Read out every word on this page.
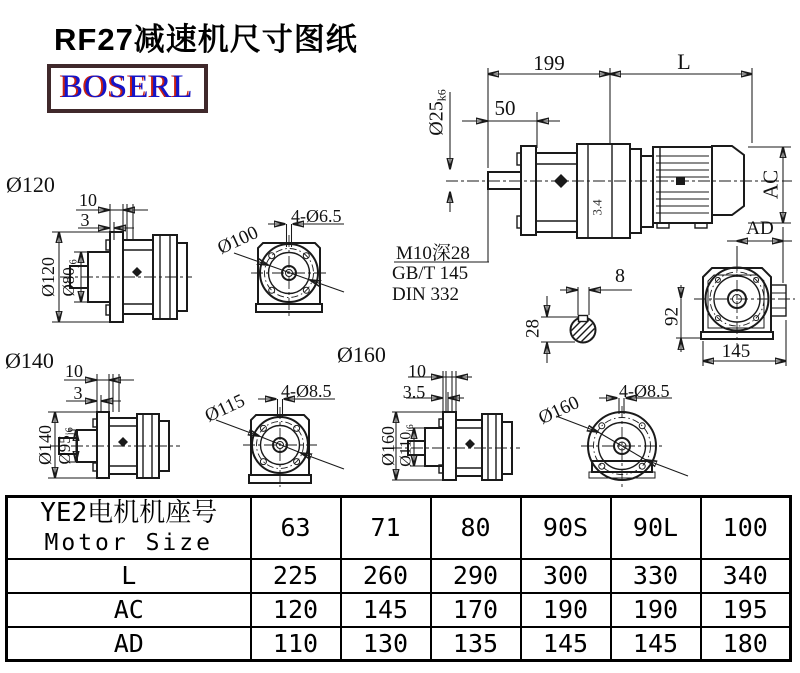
RF27减速机尺寸图纸
BOSERL
199	L
50
$Ø25_{k6}$
AC
AD
3.4
M10深28
GB/T 145
DIN 332
8
28
92
145
Ø120
10
3
Ø120 $Ø80_{j6}$
4-Ø6.5
Ø100
Ø140 10
3
Ø140 $Ø95_{j6}$
Ø115 4-Ø8.5
Ø160
10
3.5
Ø160 $Ø110_{j6}$	Ø160
4-Ø8.5
YE2电机机座号
Motor Size	63	71	80	90S	90L	100
L	225	260	290	300	330	340
AC	120	145	170	190	190	195
AD	110	130	135	145	145	180
